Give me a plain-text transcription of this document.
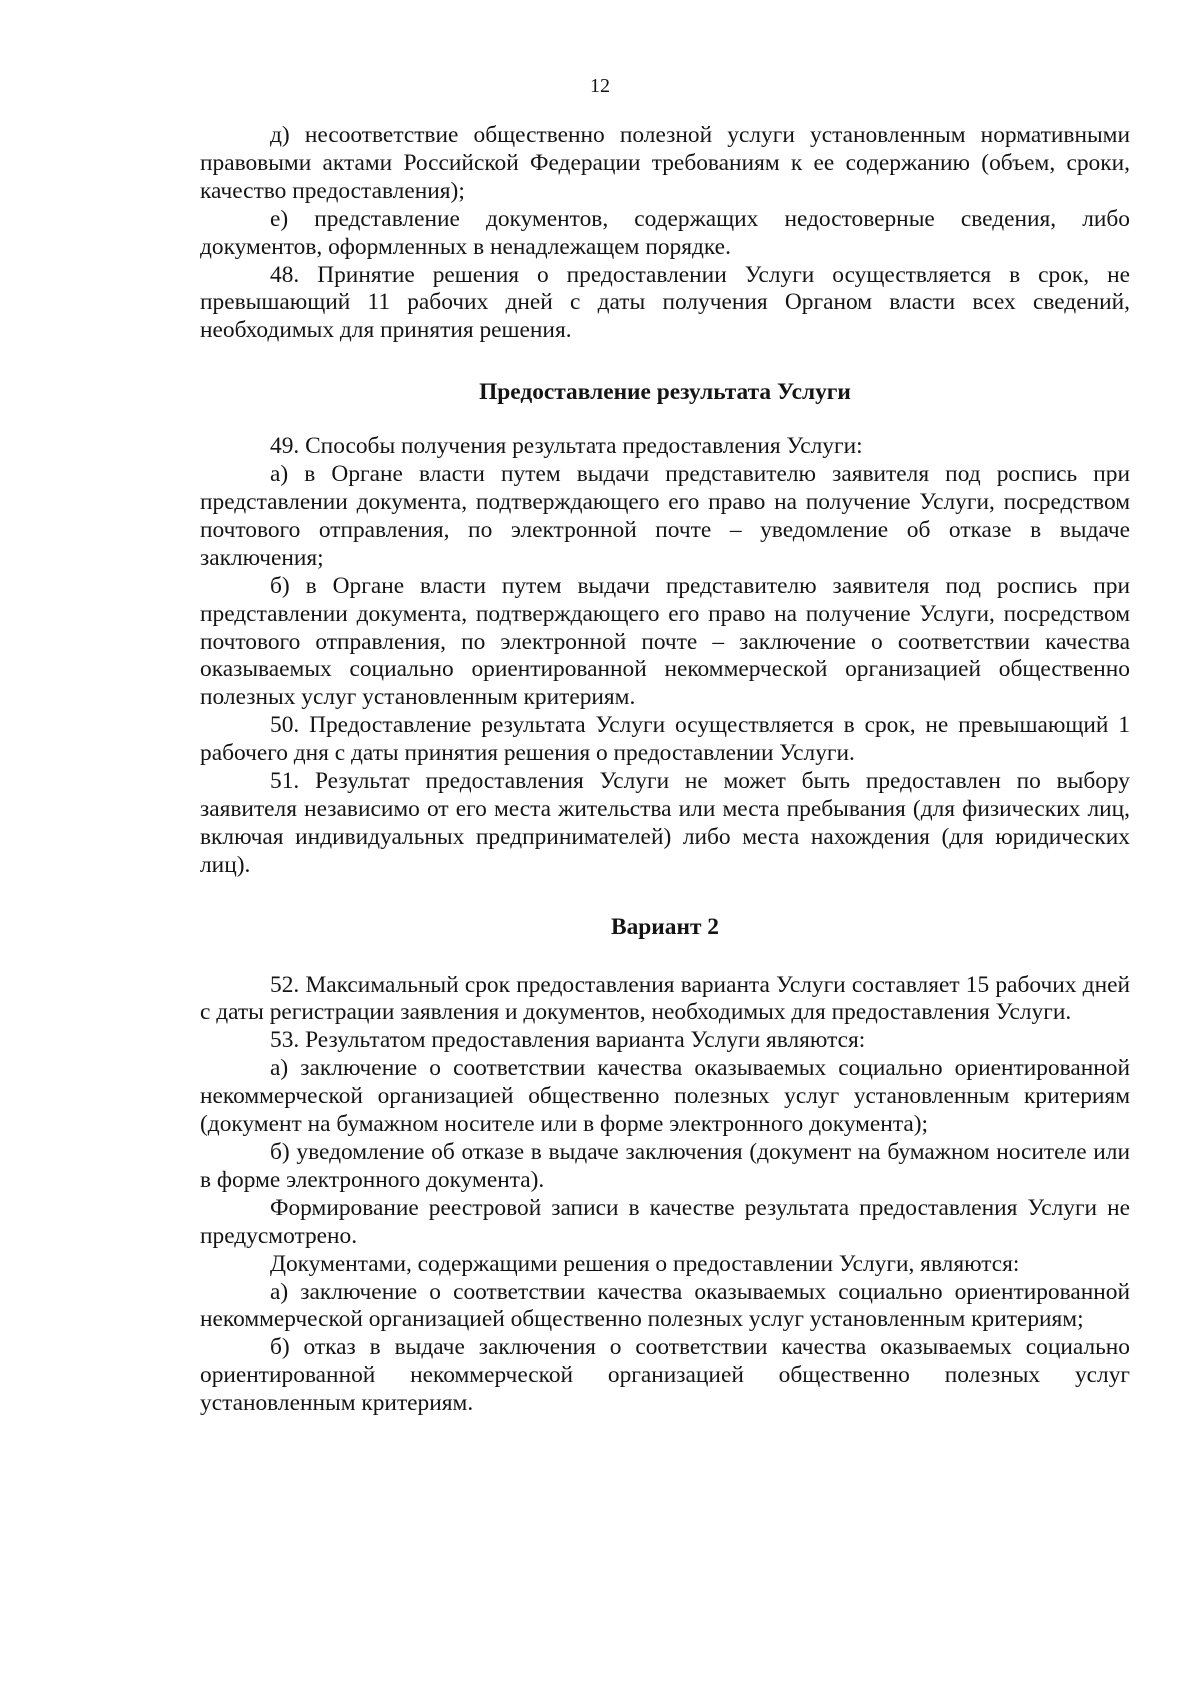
12

д) несоответствие общественно полезной услуги установленным нормативными правовыми актами Российской Федерации требованиям к ее содержанию (объем, сроки, качество предоставления);

е) представление документов, содержащих недостоверные сведения, либо документов, оформленных в ненадлежащем порядке.

48. Принятие решения о предоставлении Услуги осуществляется в срок, не превышающий 11 рабочих дней с даты получения Органом власти всех сведений, необходимых для принятия решения.

Предоставление результата Услуги

49. Способы получения результата предоставления Услуги:

а) в Органе власти путем выдачи представителю заявителя под роспись при представлении документа, подтверждающего его право на получение Услуги, посредством почтового отправления, по электронной почте – уведомление об отказе в выдаче заключения;

б) в Органе власти путем выдачи представителю заявителя под роспись при представлении документа, подтверждающего его право на получение Услуги, посредством почтового отправления, по электронной почте – заключение о соответствии качества оказываемых социально ориентированной некоммерческой организацией общественно полезных услуг установленным критериям.

50. Предоставление результата Услуги осуществляется в срок, не превышающий 1 рабочего дня с даты принятия решения о предоставлении Услуги.

51. Результат предоставления Услуги не может быть предоставлен по выбору заявителя независимо от его места жительства или места пребывания (для физических лиц, включая индивидуальных предпринимателей) либо места нахождения (для юридических лиц).

Вариант 2

52. Максимальный срок предоставления варианта Услуги составляет 15 рабочих дней с даты регистрации заявления и документов, необходимых для предоставления Услуги.

53. Результатом предоставления варианта Услуги являются:

а) заключение о соответствии качества оказываемых социально ориентированной некоммерческой организацией общественно полезных услуг установленным критериям (документ на бумажном носителе или в форме электронного документа);

б) уведомление об отказе в выдаче заключения (документ на бумажном носителе или в форме электронного документа).

Формирование реестровой записи в качестве результата предоставления Услуги не предусмотрено.

Документами, содержащими решения о предоставлении Услуги, являются:

а) заключение о соответствии качества оказываемых социально ориентированной некоммерческой организацией общественно полезных услуг установленным критериям;

б) отказ в выдаче заключения о соответствии качества оказываемых социально ориентированной некоммерческой организацией общественно полезных услуг установленным критериям.
